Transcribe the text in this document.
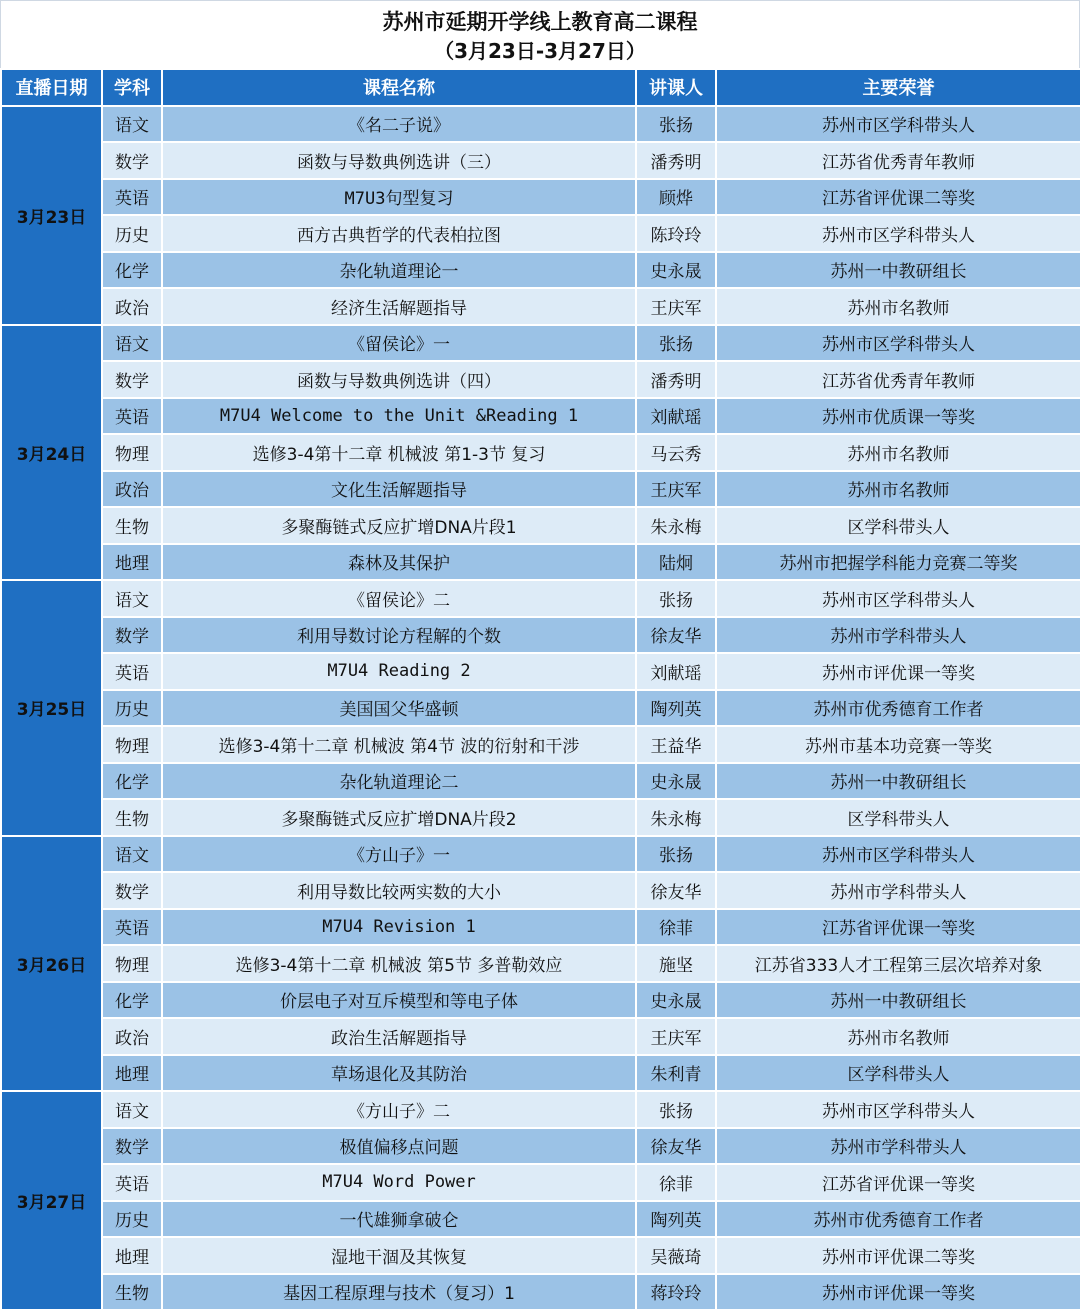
苏州市延期开学线上教育高二课程
（3月23日-3月27日）
直播日期	学科	课程名称	讲课人	主要荣誉
3月23日	语文	《名二子说》	张扬	苏州市区学科带头人
	数学	函数与导数典例选讲（三）	潘秀明	江苏省优秀青年教师
	英语	M7U3句型复习	顾烨	江苏省评优课二等奖
	历史	西方古典哲学的代表柏拉图	陈玲玲	苏州市区学科带头人
	化学	杂化轨道理论一	史永晟	苏州一中教研组长
	政治	经济生活解题指导	王庆军	苏州市名教师
3月24日	语文	《留侯论》一	张扬	苏州市区学科带头人
	数学	函数与导数典例选讲（四）	潘秀明	江苏省优秀青年教师
	英语	M7U4 Welcome to the Unit &Reading 1	刘献瑶	苏州市优质课一等奖
	物理	选修3-4第十二章 机械波 第1-3节 复习	马云秀	苏州市名教师
	政治	文化生活解题指导	王庆军	苏州市名教师
	生物	多聚酶链式反应扩增DNA片段1	朱永梅	区学科带头人
	地理	森林及其保护	陆炯	苏州市把握学科能力竞赛二等奖
3月25日	语文	《留侯论》二	张扬	苏州市区学科带头人
	数学	利用导数讨论方程解的个数	徐友华	苏州市学科带头人
	英语	M7U4 Reading 2	刘献瑶	苏州市评优课一等奖
	历史	美国国父华盛顿	陶列英	苏州市优秀德育工作者
	物理	选修3-4第十二章 机械波 第4节 波的衍射和干涉	王益华	苏州市基本功竞赛一等奖
	化学	杂化轨道理论二	史永晟	苏州一中教研组长
	生物	多聚酶链式反应扩增DNA片段2	朱永梅	区学科带头人
3月26日	语文	《方山子》一	张扬	苏州市区学科带头人
	数学	利用导数比较两实数的大小	徐友华	苏州市学科带头人
	英语	M7U4 Revision 1	徐菲	江苏省评优课一等奖
	物理	选修3-4第十二章 机械波 第5节 多普勒效应	施坚	江苏省333人才工程第三层次培养对象
	化学	价层电子对互斥模型和等电子体	史永晟	苏州一中教研组长
	政治	政治生活解题指导	王庆军	苏州市名教师
	地理	草场退化及其防治	朱利青	区学科带头人
3月27日	语文	《方山子》二	张扬	苏州市区学科带头人
	数学	极值偏移点问题	徐友华	苏州市学科带头人
	英语	M7U4 Word Power	徐菲	江苏省评优课一等奖
	历史	一代雄狮拿破仑	陶列英	苏州市优秀德育工作者
	地理	湿地干涸及其恢复	吴薇琦	苏州市评优课二等奖
	生物	基因工程原理与技术（复习）1	蒋玲玲	苏州市评优课一等奖
